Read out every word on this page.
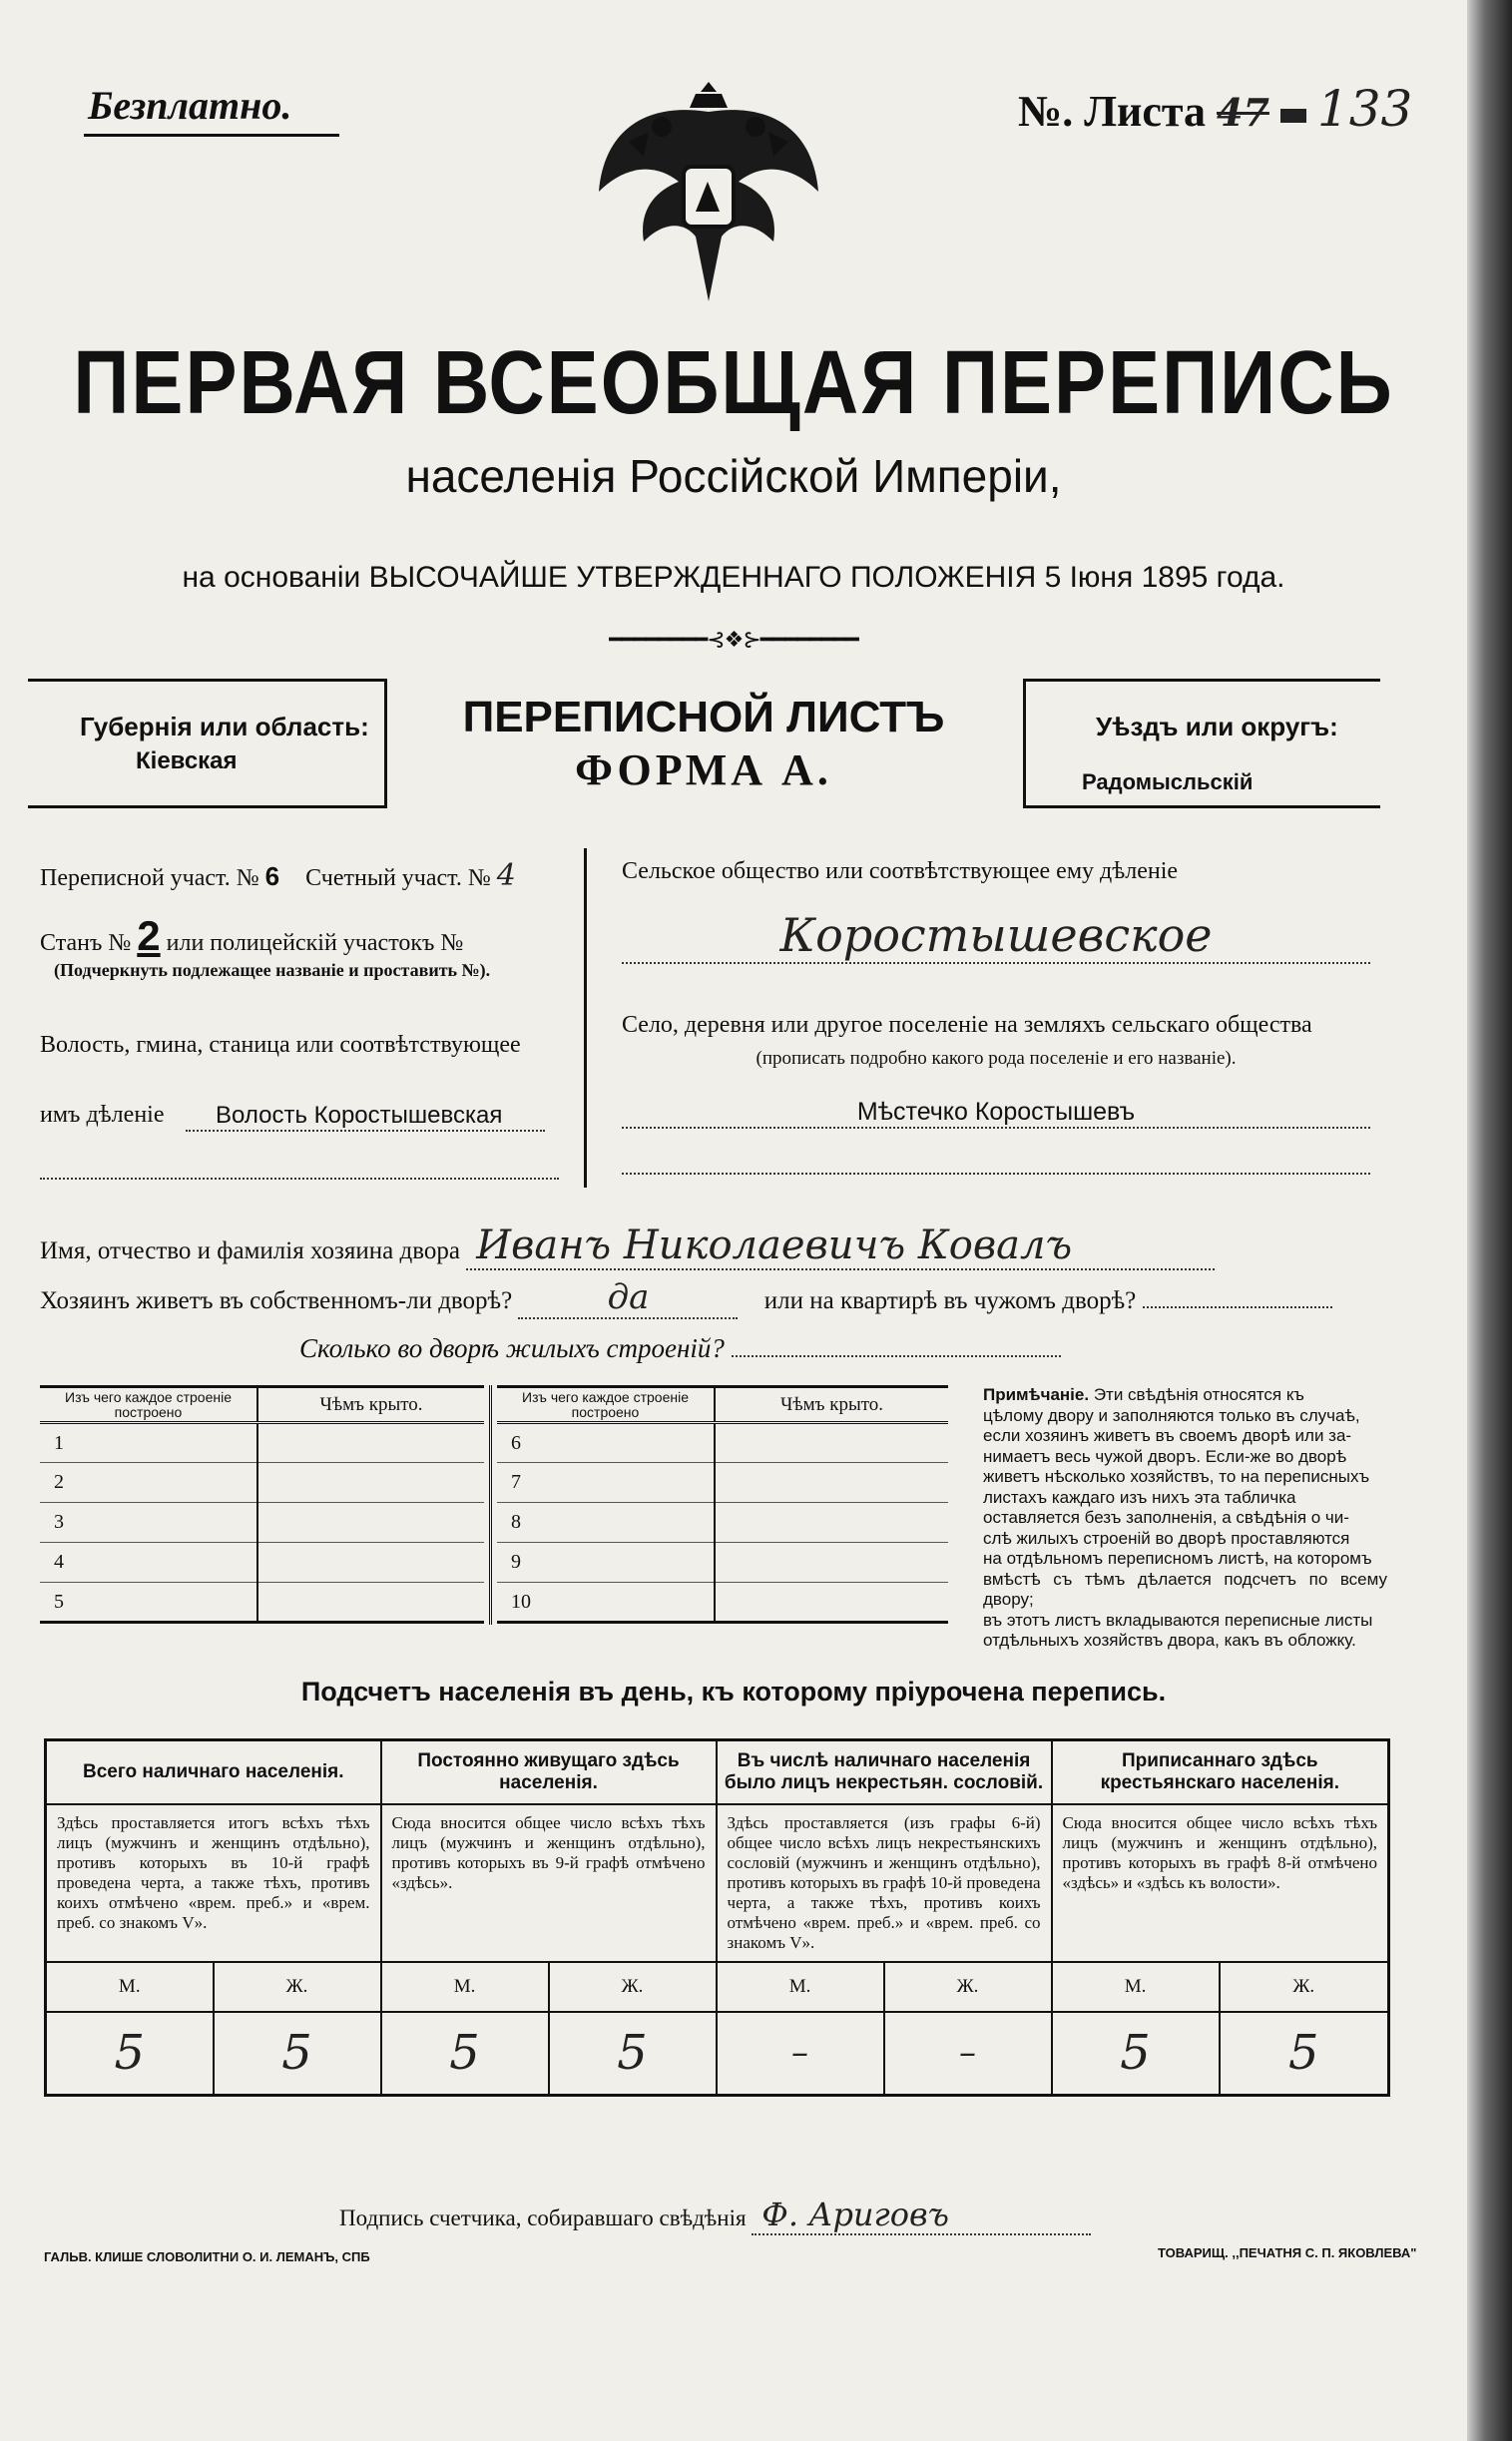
Безплатно.	№. Листа 47 133
ПЕРВАЯ ВСЕОБЩАЯ ПЕРЕПИСЬ
населенія Россійской Имперіи,
на основаніи ВЫСОЧАЙШЕ УТВЕРЖДЕННАГО ПОЛОЖЕНІЯ 5 Іюня 1895 года.
━━━━━━━━⊰❖⊱━━━━━━━━
Губернія или область:
Кіевская
ПЕРЕПИСНОЙ ЛИСТЪ
ФОРМА А.
Уѣздъ или округъ:
Радомысльскій
Переписной участ. № 6 Счетный участ. № 4
Станъ № 2 или полицейскій участокъ №
(Подчеркнуть подлежащее названіе и проставить №).
Волость, гмина, станица или соотвѣтствующее
имъ дѣленіе	Волость Коростышевская
Сельское общество или соотвѣтствующее ему дѣленіе
Коростышевское
Село, деревня или другое поселеніе на земляхъ сельскаго общества
(прописать подробно какого рода поселеніе и его названіе).
Мѣстечко Коростышевъ
Имя, отчество и фамилія хозяина двора Иванъ Николаевичъ Ковалъ
Хозяинъ живетъ въ собственномъ-ли дворѣ?	да	или на квартирѣ въ чужомъ дворѣ?
Сколько во дворѣ жилыхъ строеній?
Изъ чего каждое строеніе построено	Чѣмъ крыто.
1	
2	
3	
4	
5	
Изъ чего каждое строеніе построено	Чѣмъ крыто.
6	
7	
8	
9	
10	
Примѣчаніе. Эти свѣдѣнія относятся къ
цѣлому двору и заполняются только въ случаѣ,
если хозяинъ живетъ въ своемъ дворѣ или за-
нимаетъ весь чужой дворъ. Если-же во дворѣ
живетъ нѣсколько хозяйствъ, то на переписныхъ
листахъ каждаго изъ нихъ эта табличка
оставляется безъ заполненія, а свѣдѣнія о чи-
слѣ жилыхъ строеній во дворѣ проставляются
на отдѣльномъ переписномъ листѣ, на которомъ
вмѣстѣ съ тѣмъ дѣлается подсчетъ по всему двору;
въ этотъ листъ вкладываются переписные листы
отдѣльныхъ хозяйствъ двора, какъ въ обложку.
Подсчетъ населенія въ день, къ которому пріурочена перепись.
Всего наличнаго населенія.		Постоянно живущаго здѣсь населенія.		Въ числѣ наличнаго населенія было лицъ некрестьян. сословій.		Приписаннаго здѣсь крестьянскаго населенія.	
Здѣсь проставляется итогъ всѣхъ тѣхъ лицъ (мужчинъ и женщинъ отдѣльно), противъ которыхъ въ 10-й графѣ проведена черта, а также тѣхъ, противъ коихъ отмѣчено «врем. преб.» и «врем. преб. со знакомъ V».		Сюда вносится общее число всѣхъ тѣхъ лицъ (мужчинъ и женщинъ отдѣльно), противъ которыхъ въ 9-й графѣ отмѣчено «здѣсь».		Здѣсь проставляется (изъ графы 6-й) общее число всѣхъ лицъ некрестьянскихъ сословій (мужчинъ и женщинъ отдѣльно), противъ которыхъ въ графѣ 10-й проведена черта, а также тѣхъ, противъ коихъ отмѣчено «врем. преб.» и «врем. преб. со знакомъ V».		Сюда вносится общее число всѣхъ тѣхъ лицъ (мужчинъ и женщинъ отдѣльно), противъ которыхъ въ графѣ 8-й отмѣчено «здѣсь» и «здѣсь къ волости».	
М.	Ж.	М.	Ж.	М.	Ж.	М.	Ж.
5	5	5	5	–	–	5	5
Подпись счетчика, собиравшаго свѣдѣнія Ф. Ариговъ
ГАЛЬВ. КЛИШЕ СЛОВОЛИТНИ О. И. ЛЕМАНЪ, СПБ	ТОВАРИЩ. ,,ПЕЧАТНЯ С. П. ЯКОВЛЕВА"
